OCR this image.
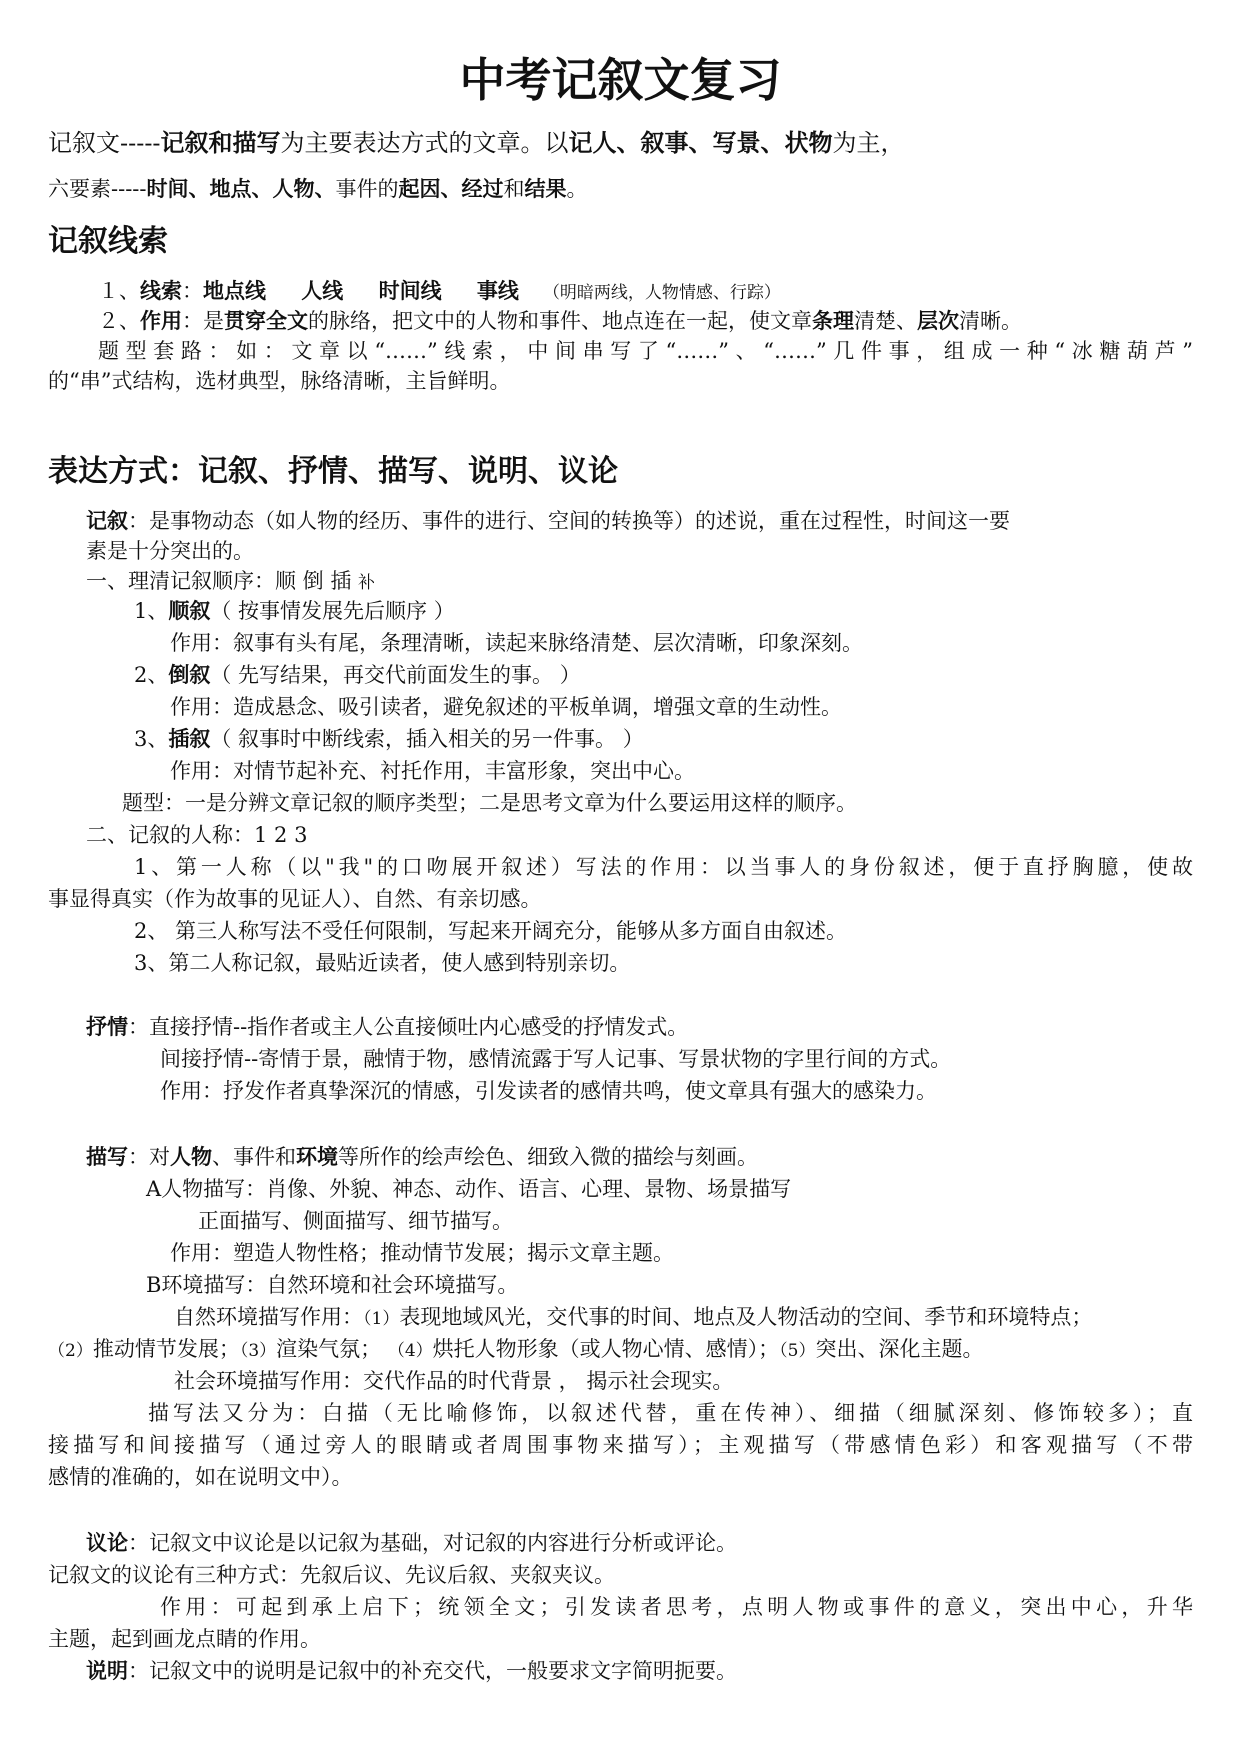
中考记叙文复习
记叙文-----记叙和描写为主要表达方式的文章。以记人、叙事、写景、状物为主，
六要素-----时间、地点、人物、事件的起因、经过和结果。
记叙线索
１、线索：地点线 人线 时间线 事线 （明暗两线，人物情感、行踪）
２、作用：是贯穿全文的脉络，把文中的人物和事件、地点连在一起，使文章条理清楚、层次清晰。
题型套路：如：文章以“……”线索，中间串写了“……”、“……”几件事，组成一种“冰糖葫芦”
的“串”式结构，选材典型，脉络清晰，主旨鲜明。
表达方式：记叙、抒情、描写、说明、议论
记叙：是事物动态（如人物的经历、事件的进行、空间的转换等）的述说，重在过程性，时间这一要
素是十分突出的。
一、理清记叙顺序：顺 倒 插 补
1、顺叙（ 按事情发展先后顺序 ）
作用：叙事有头有尾，条理清晰，读起来脉络清楚、层次清晰，印象深刻。
2、倒叙（ 先写结果，再交代前面发生的事。 ）
作用：造成悬念、吸引读者，避免叙述的平板单调，增强文章的生动性。
3、插叙（ 叙事时中断线索，插入相关的另一件事。 ）
作用：对情节起补充、衬托作用，丰富形象，突出中心。
题型：一是分辨文章记叙的顺序类型；二是思考文章为什么要运用这样的顺序。
二、记叙的人称：1 2 3
1、第一人称（以"我"的口吻展开叙述）写法的作用：以当事人的身份叙述，便于直抒胸臆，使故
事显得真实（作为故事的见证人）、自然、有亲切感。
2、 第三人称写法不受任何限制，写起来开阔充分，能够从多方面自由叙述。
3、第二人称记叙，最贴近读者，使人感到特别亲切。
抒情：直接抒情--指作者或主人公直接倾吐内心感受的抒情发式。
间接抒情--寄情于景，融情于物，感情流露于写人记事、写景状物的字里行间的方式。
作用：抒发作者真挚深沉的情感，引发读者的感情共鸣，使文章具有强大的感染力。
描写：对人物、事件和环境等所作的绘声绘色、细致入微的描绘与刻画。
A人物描写：肖像、外貌、神态、动作、语言、心理、景物、场景描写
正面描写、侧面描写、细节描写。
作用：塑造人物性格；推动情节发展；揭示文章主题。
B环境描写：自然环境和社会环境描写。
自然环境描写作用：（1）表现地域风光，交代事的时间、地点及人物活动的空间、季节和环境特点；
（2）推动情节发展；（3）渲染气氛； （4）烘托人物形象（或人物心情、感情）；（5）突出、深化主题。
社会环境描写作用：交代作品的时代背景 ， 揭示社会现实。
描写法又分为：白描（无比喻修饰，以叙述代替，重在传神）、细描（细腻深刻、修饰较多）；直
接描写和间接描写（通过旁人的眼睛或者周围事物来描写）；主观描写（带感情色彩）和客观描写（不带
感情的准确的，如在说明文中）。
议论：记叙文中议论是以记叙为基础，对记叙的内容进行分析或评论。
记叙文的议论有三种方式：先叙后议、先议后叙、夹叙夹议。
作用：可起到承上启下；统领全文；引发读者思考，点明人物或事件的意义，突出中心，升华
主题，起到画龙点睛的作用。
说明：记叙文中的说明是记叙中的补充交代，一般要求文字简明扼要。
